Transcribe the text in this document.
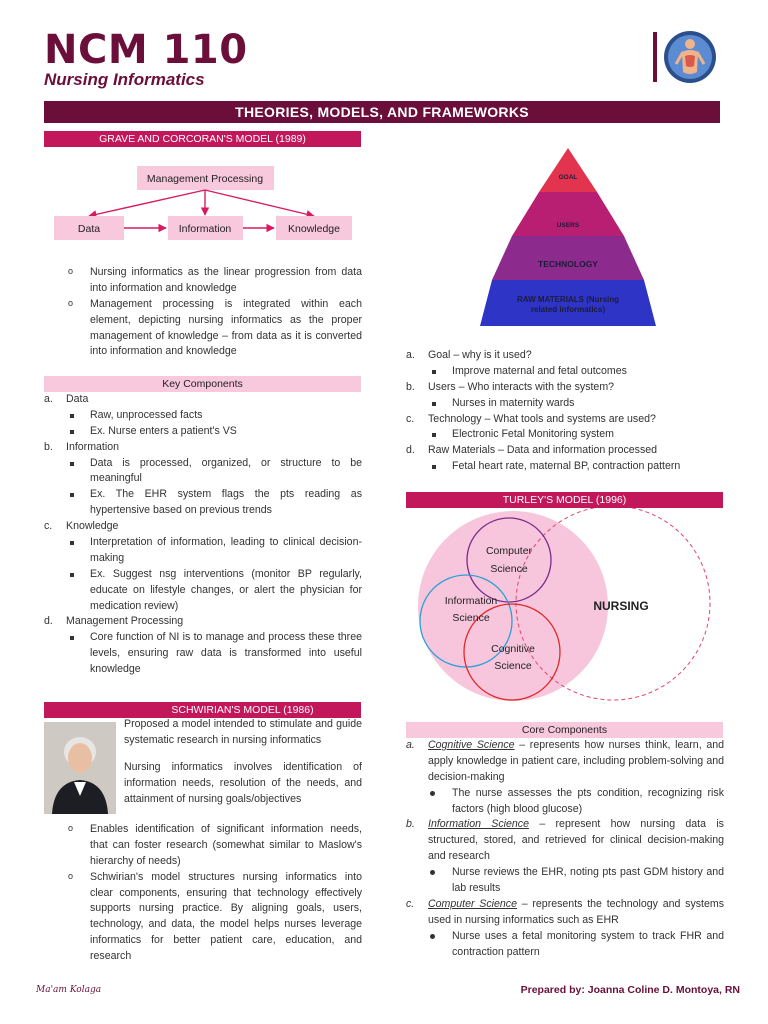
NCM 110
Nursing Informatics
THEORIES, MODELS, AND FRAMEWORKS
GRAVE AND CORCORAN'S MODEL (1989)
Management Processing
Data	Information	Knowledge
o Nursing informatics as the linear progression from data into information and knowledge
o Management processing is integrated within each element, depicting nursing informatics as the proper management of knowledge – from data as it is converted into information and knowledge
Key Components
a. Data
Raw, unprocessed facts
Ex. Nurse enters a patient's VS
b. Information
Data is processed, organized, or structure to be meaningful
Ex. The EHR system flags the pts reading as hypertensive based on previous trends
c. Knowledge
Interpretation of information, leading to clinical decision-making
Ex. Suggest nsg interventions (monitor BP regularly, educate on lifestyle changes, or alert the physician for medication review)
d. Management Processing
Core function of NI is to manage and process these three levels, ensuring raw data is transformed into useful knowledge
SCHWIRIAN'S MODEL (1986)

Proposed a model intended to stimulate and guide systematic research in nursing informatics

Nursing informatics involves identification of information needs, resolution of the needs, and attainment of nursing goals/objectives

o Enables identification of significant information needs, that can foster research (somewhat similar to Maslow's hierarchy of needs)
o Schwirian's model structures nursing informatics into clear components, ensuring that technology effectively supports nursing practice. By aligning goals, users, technology, and data, the model helps nurses leverage informatics for better patient care, education, and research
GOAL
USERS
TECHNOLOGY
RAW MATERIALS (Nursing
related informatics)
a. Goal – why is it used?
Improve maternal and fetal outcomes
b. Users – Who interacts with the system?
Nurses in maternity wards
c. Technology – What tools and systems are used?
Electronic Fetal Monitoring system
d. Raw Materials – Data and information processed
Fetal heart rate, maternal BP, contraction pattern
TURLEY'S MODEL (1996)
Computer
Science
Information
Science
Cognitive
Science
NURSING
Core Components
a. Cognitive Science – represents how nurses think, learn, and apply knowledge in patient care, including problem-solving and decision-making
The nurse assesses the pts condition, recognizing risk factors (high blood glucose)
b. Information Science – represent how nursing data is structured, stored, and retrieved for clinical decision-making and research
Nurse reviews the EHR, noting pts past GDM history and lab results
c. Computer Science – represents the technology and systems used in nursing informatics such as EHR
Nurse uses a fetal monitoring system to track FHR and contraction pattern
Ma'am Kolaga	Prepared by: Joanna Coline D. Montoya, RN
